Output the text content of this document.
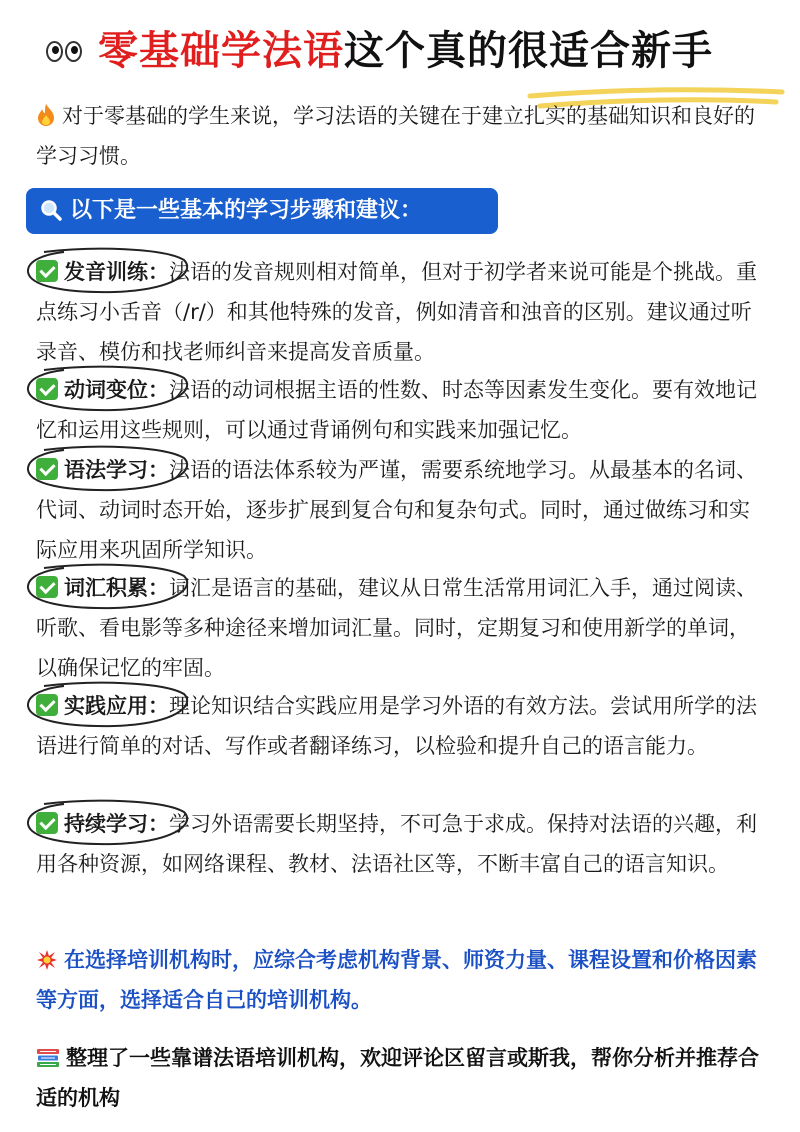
零基础学法语这个真的很适合新手

对于零基础的学生来说，学习法语的关键在于建立扎实的基础知识和良好的学习习惯。

以下是一些基本的学习步骤和建议：

发音训练：法语的发音规则相对简单，但对于初学者来说可能是个挑战。重点练习小舌音（/r/）和其他特殊的发音，例如清音和浊音的区别。建议通过听录音、模仿和找老师纠音来提高发音质量。

动词变位：法语的动词根据主语的性数、时态等因素发生变化。要有效地记忆和运用这些规则，可以通过背诵例句和实践来加强记忆。

语法学习：法语的语法体系较为严谨，需要系统地学习。从最基本的名词、代词、动词时态开始，逐步扩展到复合句和复杂句式。同时，通过做练习和实际应用来巩固所学知识。

词汇积累：词汇是语言的基础，建议从日常生活常用词汇入手，通过阅读、听歌、看电影等多种途径来增加词汇量。同时，定期复习和使用新学的单词，以确保记忆的牢固。

实践应用：理论知识结合实践应用是学习外语的有效方法。尝试用所学的法语进行简单的对话、写作或者翻译练习，以检验和提升自己的语言能力。

持续学习：学习外语需要长期坚持，不可急于求成。保持对法语的兴趣，利用各种资源，如网络课程、教材、法语社区等，不断丰富自己的语言知识。

在选择培训机构时，应综合考虑机构背景、师资力量、课程设置和价格因素等方面，选择适合自己的培训机构。

整理了一些靠谱法语培训机构，欢迎评论区留言或斯我，帮你分析并推荐合适的机构
